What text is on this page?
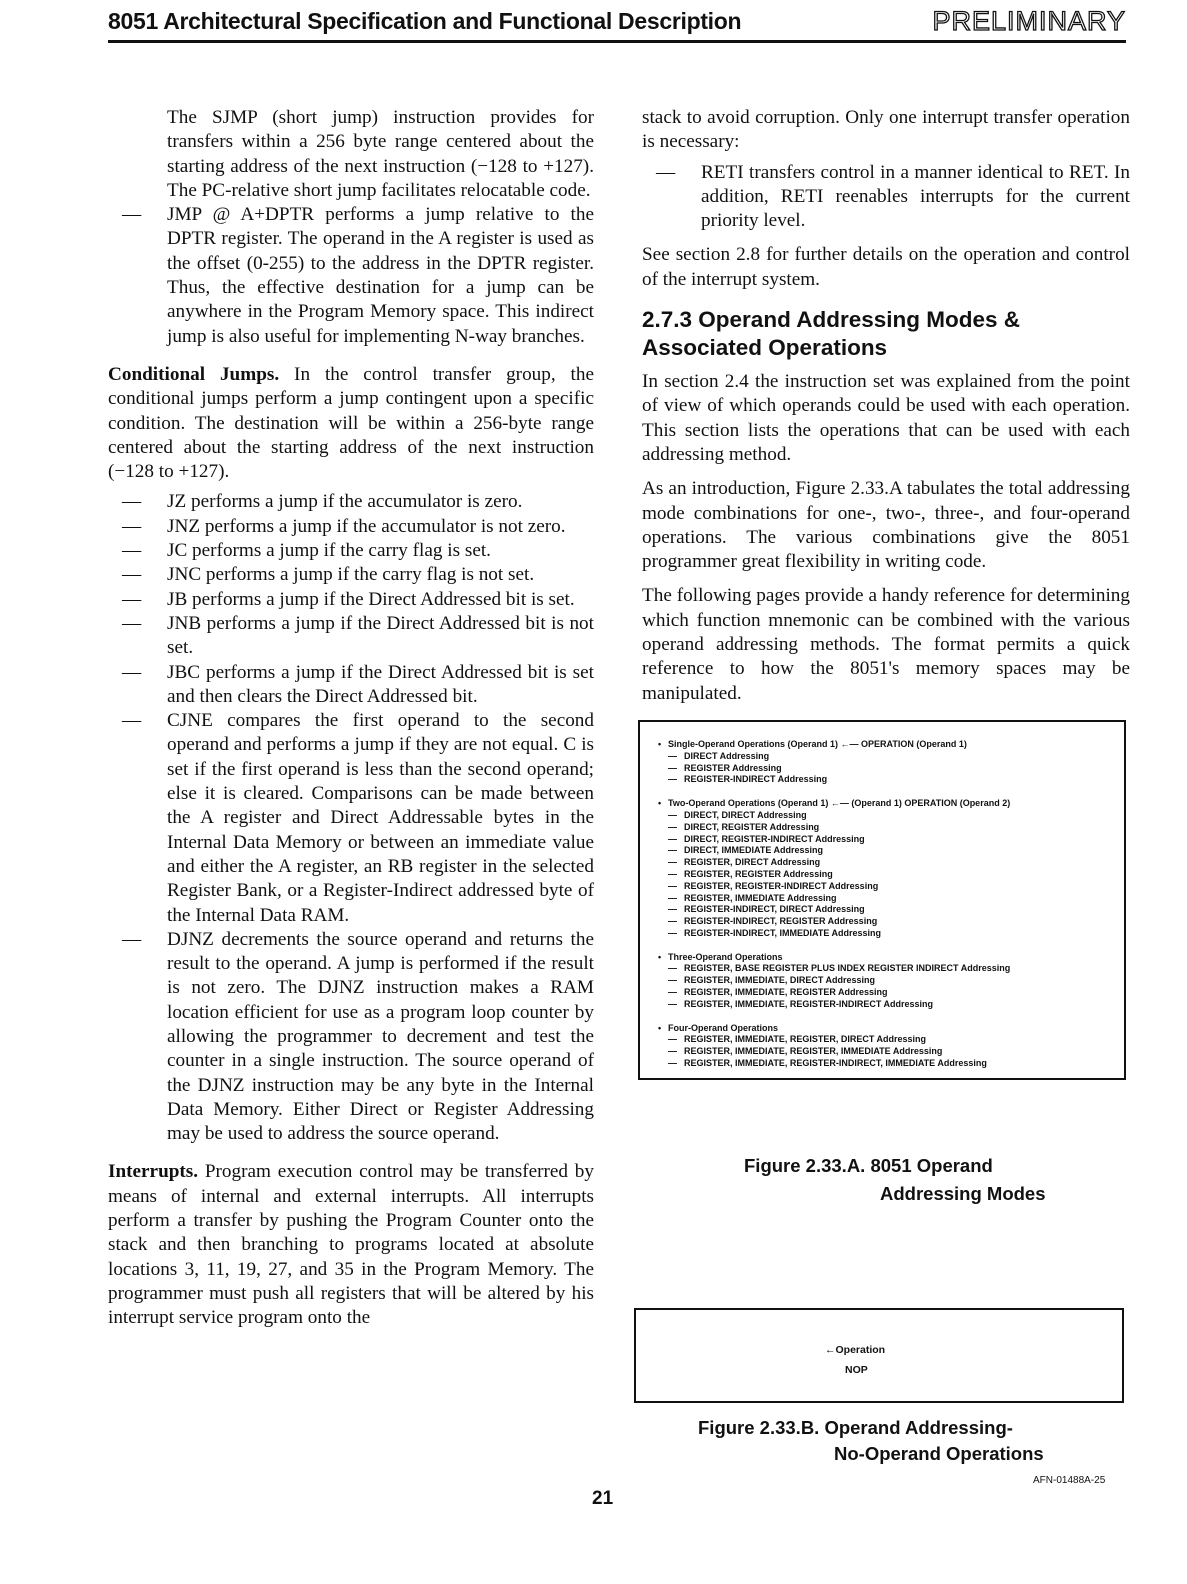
8051 Architectural Specification and Functional Description	PRELIMINARY

The SJMP (short jump) instruction provides for transfers within a 256 byte range centered about the starting address of the next instruction (−128 to +127). The PC-relative short jump facilitates relocatable code.

— JMP @ A+DPTR performs a jump relative to the DPTR register. The operand in the A register is used as the offset (0-255) to the address in the DPTR register. Thus, the effective destination for a jump can be anywhere in the Program Memory space. This indirect jump is also useful for implementing N-way branches.

Conditional Jumps. In the control transfer group, the conditional jumps perform a jump contingent upon a specific condition. The destination will be within a 256-byte range centered about the starting address of the next instruction (−128 to +127).

— JZ performs a jump if the accumulator is zero.

— JNZ performs a jump if the accumulator is not zero.

— JC performs a jump if the carry flag is set.

— JNC performs a jump if the carry flag is not set.

— JB performs a jump if the Direct Addressed bit is set.

— JNB performs a jump if the Direct Addressed bit is not set.

— JBC performs a jump if the Direct Addressed bit is set and then clears the Direct Addressed bit.

— CJNE compares the first operand to the second operand and performs a jump if they are not equal. C is set if the first operand is less than the second operand; else it is cleared. Comparisons can be made between the A register and Direct Addressable bytes in the Internal Data Memory or between an immediate value and either the A register, an RB register in the selected Register Bank, or a Register-Indirect addressed byte of the Internal Data RAM.

— DJNZ decrements the source operand and returns the result to the operand. A jump is performed if the result is not zero. The DJNZ instruction makes a RAM location efficient for use as a program loop counter by allowing the programmer to decrement and test the counter in a single instruction. The source operand of the DJNZ instruction may be any byte in the Internal Data Memory. Either Direct or Register Addressing may be used to address the source operand.

Interrupts. Program execution control may be transferred by means of internal and external interrupts. All interrupts perform a transfer by pushing the Program Counter onto the stack and then branching to programs located at absolute locations 3, 11, 19, 27, and 35 in the Program Memory. The programmer must push all registers that will be altered by his interrupt service program onto the

stack to avoid corruption. Only one interrupt transfer operation is necessary:

— RETI transfers control in a manner identical to RET. In addition, RETI reenables interrupts for the current priority level.

See section 2.8 for further details on the operation and control of the interrupt system.

2.7.3 Operand Addressing Modes & Associated Operations

In section 2.4 the instruction set was explained from the point of view of which operands could be used with each operation. This section lists the operations that can be used with each addressing method.

As an introduction, Figure 2.33.A tabulates the total addressing mode combinations for one-, two-, three-, and four-operand operations. The various combinations give the 8051 programmer great flexibility in writing code.

The following pages provide a handy reference for determining which function mnemonic can be combined with the various operand addressing methods. The format permits a quick reference to how the 8051's memory spaces may be manipulated.

• Single-Operand Operations (Operand 1) ←— OPERATION (Operand 1)
— DIRECT Addressing
— REGISTER Addressing
— REGISTER-INDIRECT Addressing
• Two-Operand Operations (Operand 1) ←— (Operand 1) OPERATION (Operand 2)
— DIRECT, DIRECT Addressing
— DIRECT, REGISTER Addressing
— DIRECT, REGISTER-INDIRECT Addressing
— DIRECT, IMMEDIATE Addressing
— REGISTER, DIRECT Addressing
— REGISTER, REGISTER Addressing
— REGISTER, REGISTER-INDIRECT Addressing
— REGISTER, IMMEDIATE Addressing
— REGISTER-INDIRECT, DIRECT Addressing
— REGISTER-INDIRECT, REGISTER Addressing
— REGISTER-INDIRECT, IMMEDIATE Addressing
• Three-Operand Operations
— REGISTER, BASE REGISTER PLUS INDEX REGISTER INDIRECT Addressing
— REGISTER, IMMEDIATE, DIRECT Addressing
— REGISTER, IMMEDIATE, REGISTER Addressing
— REGISTER, IMMEDIATE, REGISTER-INDIRECT Addressing
• Four-Operand Operations
— REGISTER, IMMEDIATE, REGISTER, DIRECT Addressing
— REGISTER, IMMEDIATE, REGISTER, IMMEDIATE Addressing
— REGISTER, IMMEDIATE, REGISTER-INDIRECT, IMMEDIATE Addressing
Figure 2.33.A. 8051 Operand
Addressing Modes
←Operation
NOP
Figure 2.33.B. Operand Addressing-
No-Operand Operations
AFN-01488A-25
21
